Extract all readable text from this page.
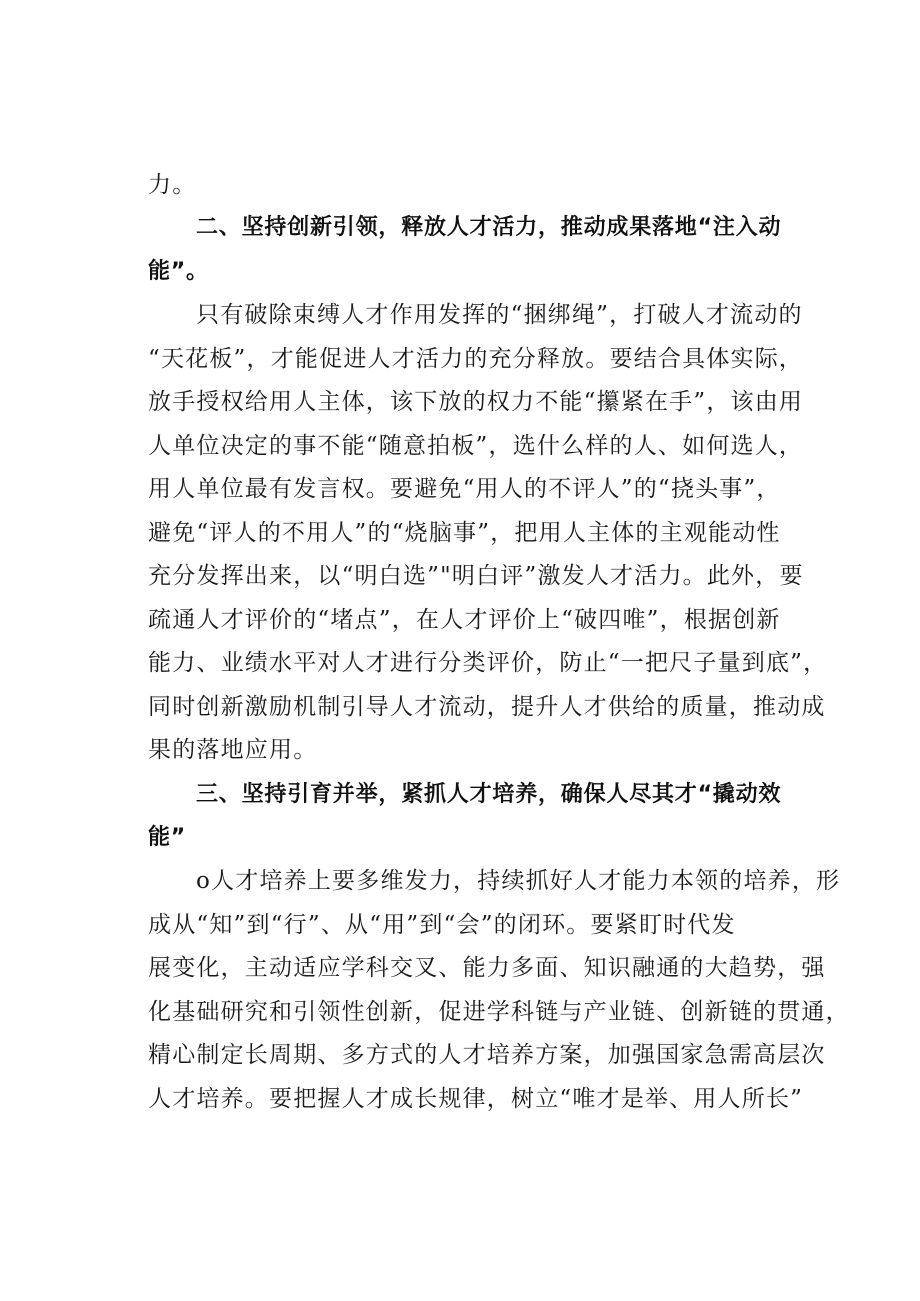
力。
二、坚持创新引领，释放人才活力，推动成果落地“注入动
能”。
只有破除束缚人才作用发挥的“捆绑绳”，打破人才流动的
“天花板”，才能促进人才活力的充分释放。要结合具体实际，
放手授权给用人主体，该下放的权力不能“攥紧在手”，该由用
人单位决定的事不能“随意拍板”，选什么样的人、如何选人，
用人单位最有发言权。要避免“用人的不评人”的“挠头事”，
避免“评人的不用人”的“烧脑事”，把用人主体的主观能动性
充分发挥出来，以“明白选”"明白评”激发人才活力。此外，要
疏通人才评价的“堵点”，在人才评价上“破四唯”，根据创新
能力、业绩水平对人才进行分类评价，防止“一把尺子量到底”，
同时创新激励机制引导人才流动，提升人才供给的质量，推动成
果的落地应用。
三、坚持引育并举，紧抓人才培养，确保人尽其才“撬动效
能”
o人才培养上要多维发力，持续抓好人才能力本领的培养，形
成从“知”到“行”、从“用”到“会”的闭环。要紧盯时代发
展变化，主动适应学科交叉、能力多面、知识融通的大趋势，强
化基础研究和引领性创新，促进学科链与产业链、创新链的贯通，
精心制定长周期、多方式的人才培养方案，加强国家急需高层次
人才培养。要把握人才成长规律，树立“唯才是举、用人所长”
